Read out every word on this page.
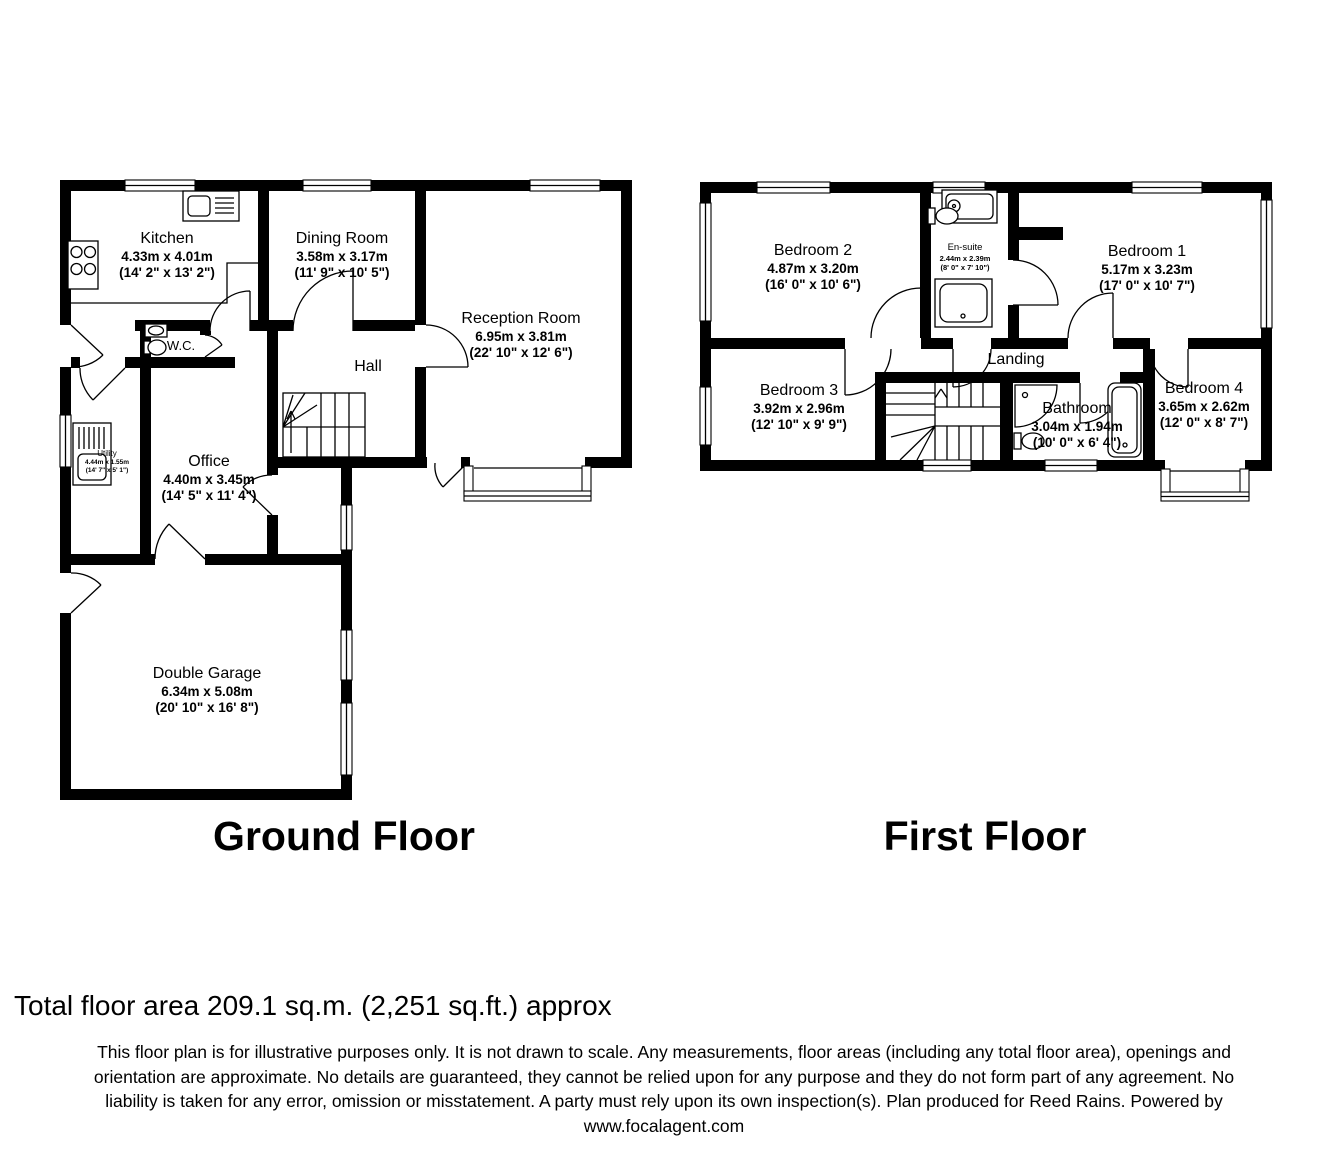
Kitchen
4.33m x 4.01m
(14' 2" x 13' 2")
Dining Room
3.58m x 3.17m
(11' 9" x 10' 5")
Reception Room
6.95m x 3.81m
(22' 10" x 12' 6")
W.C.
Hall
Utility
4.44m x 1.55m
(14' 7" x 5' 1")
Office
4.40m x 3.45m
(14' 5" x 11' 4")
Double Garage
6.34m x 5.08m
(20' 10" x 16' 8")
Bedroom 2
4.87m x 3.20m
(16' 0" x 10' 6")
En-suite
2.44m x 2.39m
(8' 0" x 7' 10")
Bedroom 1
5.17m x 3.23m
(17' 0" x 10' 7")
Bedroom 3
3.92m x 2.96m
(12' 10" x 9' 9")
Landing
Bathroom
3.04m x 1.94m
(10' 0" x 6' 4")
Bedroom 4
3.65m x 2.62m
(12' 0" x 8' 7")
Ground Floor	First Floor
Total floor area 209.1 sq.m. (2,251 sq.ft.) approx
This floor plan is for illustrative purposes only. It is not drawn to scale. Any measurements, floor areas (including any total floor area), openings and
orientation are approximate. No details are guaranteed, they cannot be relied upon for any purpose and they do not form part of any agreement. No
liability is taken for any error, omission or misstatement. A party must rely upon its own inspection(s). Plan produced for Reed Rains. Powered by
www.focalagent.com
